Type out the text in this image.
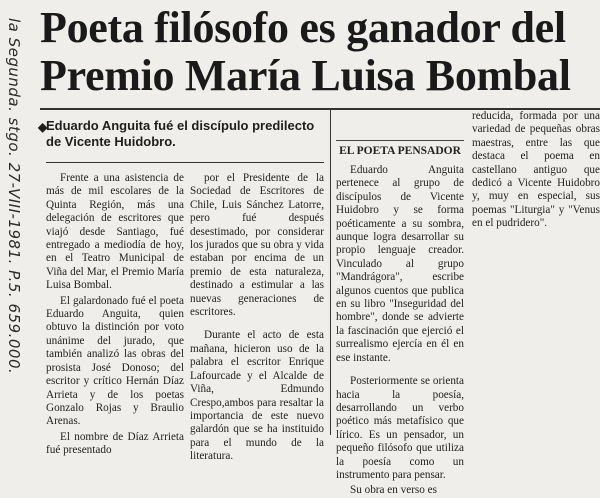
la Segunda. stgo. 27-VIII-1981. P.5. 659.000. Poeta filósofo es ganador del
Premio María Luisa Bombal
◆
Eduardo Anguita fué el discípulo predilecto de Vicente Huidobro.

Frente a una asistencia de más de mil escolares de la Quinta Región, más una delegación de escritores que viajó desde Santiago, fué entregado a mediodía de hoy, en el Teatro Municipal de Viña del Mar, el Premio María Luisa Bombal.

El galardonado fué el poeta Eduardo Anguita, quien obtuvo la distinción por voto unánime del jurado, que también analizó las obras del prosista José Donoso; del escritor y crítico Hernán Díaz Arrieta y de los poetas Gonzalo Rojas y Braulio Arenas.

El nombre de Díaz Arrieta fué presentado

por el Presidente de la Sociedad de Escritores de Chile, Luis Sánchez Latorre, pero fué después desestimado, por considerar los jurados que su obra y vida estaban por encima de un premio de esta naturaleza, destinado a estimular a las nuevas generaciones de escritores.

Durante el acto de esta mañana, hicieron uso de la palabra el escritor Enrique Lafourcade y el Alcalde de Viña, Edmundo Crespo,ambos para resaltar la importancia de este nuevo galardón que se ha instituido para el mundo de la literatura.

EL POETA PENSADOR

Eduardo Anguita pertenece al grupo de discípulos de Vicente Huidobro y se forma poéticamente a su sombra, aunque logra desarrollar su propio lenguaje creador. Vinculado al grupo "Mandrágora", escribe algunos cuentos que publica en su libro "Inseguridad del hombre", donde se advierte la fascinación que ejerció el surrealismo ejercía en él en ese instante.

Posteriormente se orienta hacia la poesía, desarrollando un verbo poético más metafísico que lírico. Es un pensador, un pequeño filósofo que utiliza la poesía como un instrumento para pensar.

Su obra en verso es

reducida, formada por una variedad de pequeñas obras maestras, entre las que destaca el poema en castellano antiguo que dedicó a Vicente Huidobro y, muy en especial, sus poemas "Liturgia" y "Venus en el pudridero".
